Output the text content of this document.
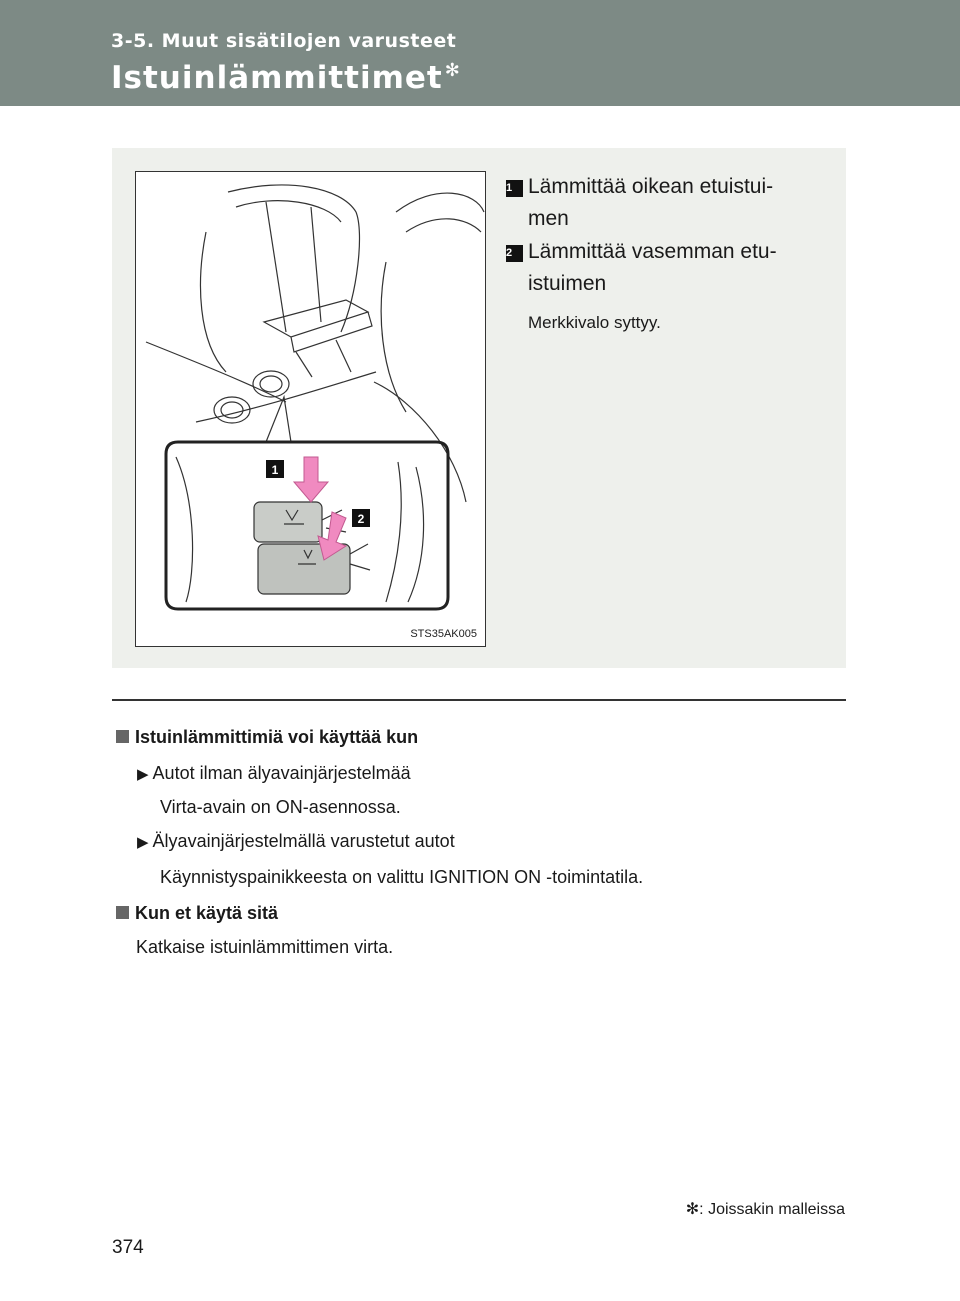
3-5. Muut sisätilojen varusteet
Istuinlämmittimet ✻
1
2
STS35AK005
1 Lämmittää oikean etuistui-
men
2 Lämmittää vasemman etu-
istuimen
Merkkivalo syttyy.
Istuinlämmittimiä voi käyttää kun
▶ Autot ilman älyavainjärjestelmää
Virta-avain on ON-asennossa.
▶ Älyavainjärjestelmällä varustetut autot
Käynnistyspainikkeesta on valittu IGNITION ON -toimintatila.
Kun et käytä sitä
Katkaise istuinlämmittimen virta.
✻: Joissakin malleissa
374
